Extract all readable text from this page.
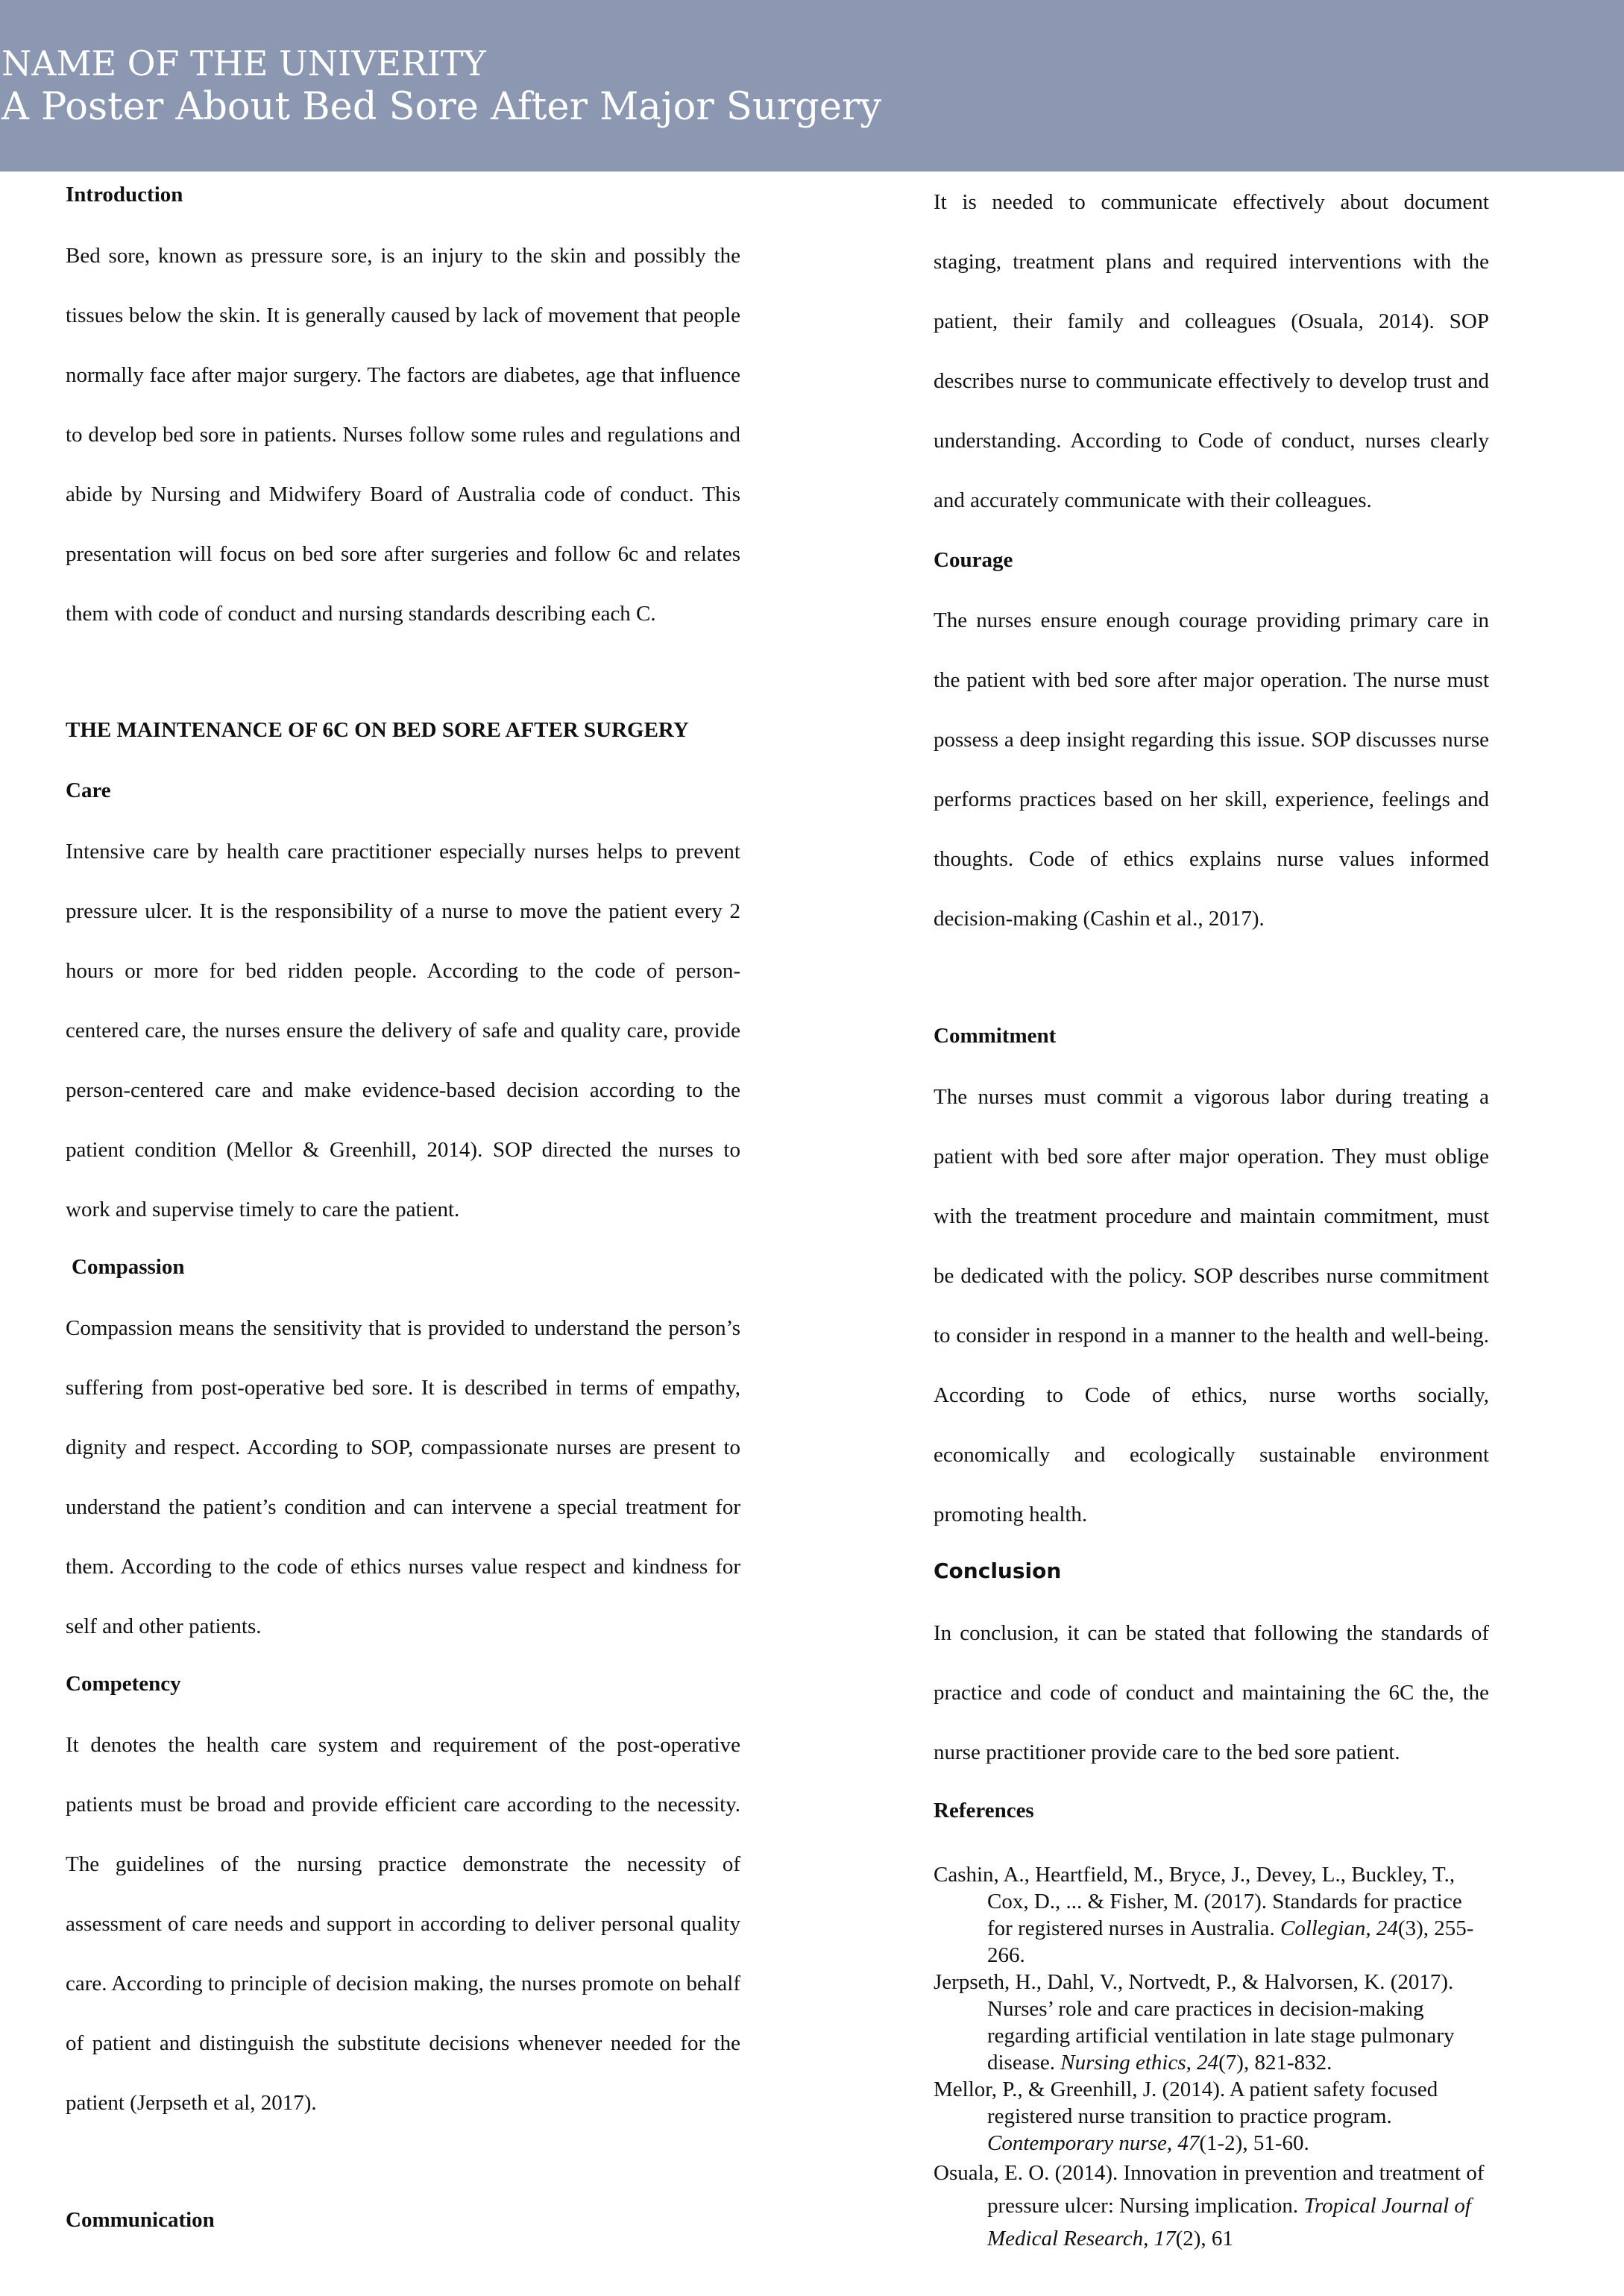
NAME OF THE UNIVERITY
A Poster About Bed Sore After Major Surgery
Introduction

Bed sore, known as pressure sore, is an injury to the skin and possibly the tissues below the skin. It is generally caused by lack of movement that people normally face after major surgery. The factors are diabetes, age that influence to develop bed sore in patients. Nurses follow some rules and regulations and abide by Nursing and Midwifery Board of Australia code of conduct. This presentation will focus on bed sore after surgeries and follow 6c and relates them with code of conduct and nursing standards describing each C.

THE MAINTENANCE OF 6C ON BED SORE AFTER SURGERY
Care

Intensive care by health care practitioner especially nurses helps to prevent pressure ulcer. It is the responsibility of a nurse to move the patient every 2 hours or more for bed ridden people. According to the code of person-centered care, the nurses ensure the delivery of safe and quality care, provide person-centered care and make evidence-based decision according to the patient condition (Mellor & Greenhill, 2014). SOP directed the nurses to work and supervise timely to care the patient.

Compassion

Compassion means the sensitivity that is provided to understand the person’s suffering from post-operative bed sore. It is described in terms of empathy, dignity and respect. According to SOP, compassionate nurses are present to understand the patient’s condition and can intervene a special treatment for them. According to the code of ethics nurses value respect and kindness for self and other patients.

Competency

It denotes the health care system and requirement of the post-operative patients must be broad and provide efficient care according to the necessity. The guidelines of the nursing practice demonstrate the necessity of assessment of care needs and support in according to deliver personal quality care. According to principle of decision making, the nurses promote on behalf of patient and distinguish the substitute decisions whenever needed for the patient (Jerpseth et al, 2017).

Communication

It is needed to communicate effectively about document staging, treatment plans and required interventions with the patient, their family and colleagues (Osuala, 2014). SOP describes nurse to communicate effectively to develop trust and understanding. According to Code of conduct, nurses clearly and accurately communicate with their colleagues.

Courage

The nurses ensure enough courage providing primary care in the patient with bed sore after major operation. The nurse must possess a deep insight regarding this issue. SOP discusses nurse performs practices based on her skill, experience, feelings and thoughts. Code of ethics explains nurse values informed decision-making (Cashin et al., 2017).

Commitment

The nurses must commit a vigorous labor during treating a patient with bed sore after major operation. They must oblige with the treatment procedure and maintain commitment, must be dedicated with the policy. SOP describes nurse commitment to consider in respond in a manner to the health and well-being. According to Code of ethics, nurse worths socially, economically and ecologically sustainable environment promoting health.

Conclusion

In conclusion, it can be stated that following the standards of practice and code of conduct and maintaining the 6C the, the nurse practitioner provide care to the bed sore patient.

References

Cashin, A., Heartfield, M., Bryce, J., Devey, L., Buckley, T., Cox, D., ... & Fisher, M. (2017). Standards for practice for registered nurses in Australia. Collegian, 24(3), 255-266.

Jerpseth, H., Dahl, V., Nortvedt, P., & Halvorsen, K. (2017). Nurses’ role and care practices in decision-making regarding artificial ventilation in late stage pulmonary disease. Nursing ethics, 24(7), 821-832.

Mellor, P., & Greenhill, J. (2014). A patient safety focused registered nurse transition to practice program. Contemporary nurse, 47(1-2), 51-60.

Osuala, E. O. (2014). Innovation in prevention and treatment of pressure ulcer: Nursing implication. Tropical Journal of Medical Research, 17(2), 61
